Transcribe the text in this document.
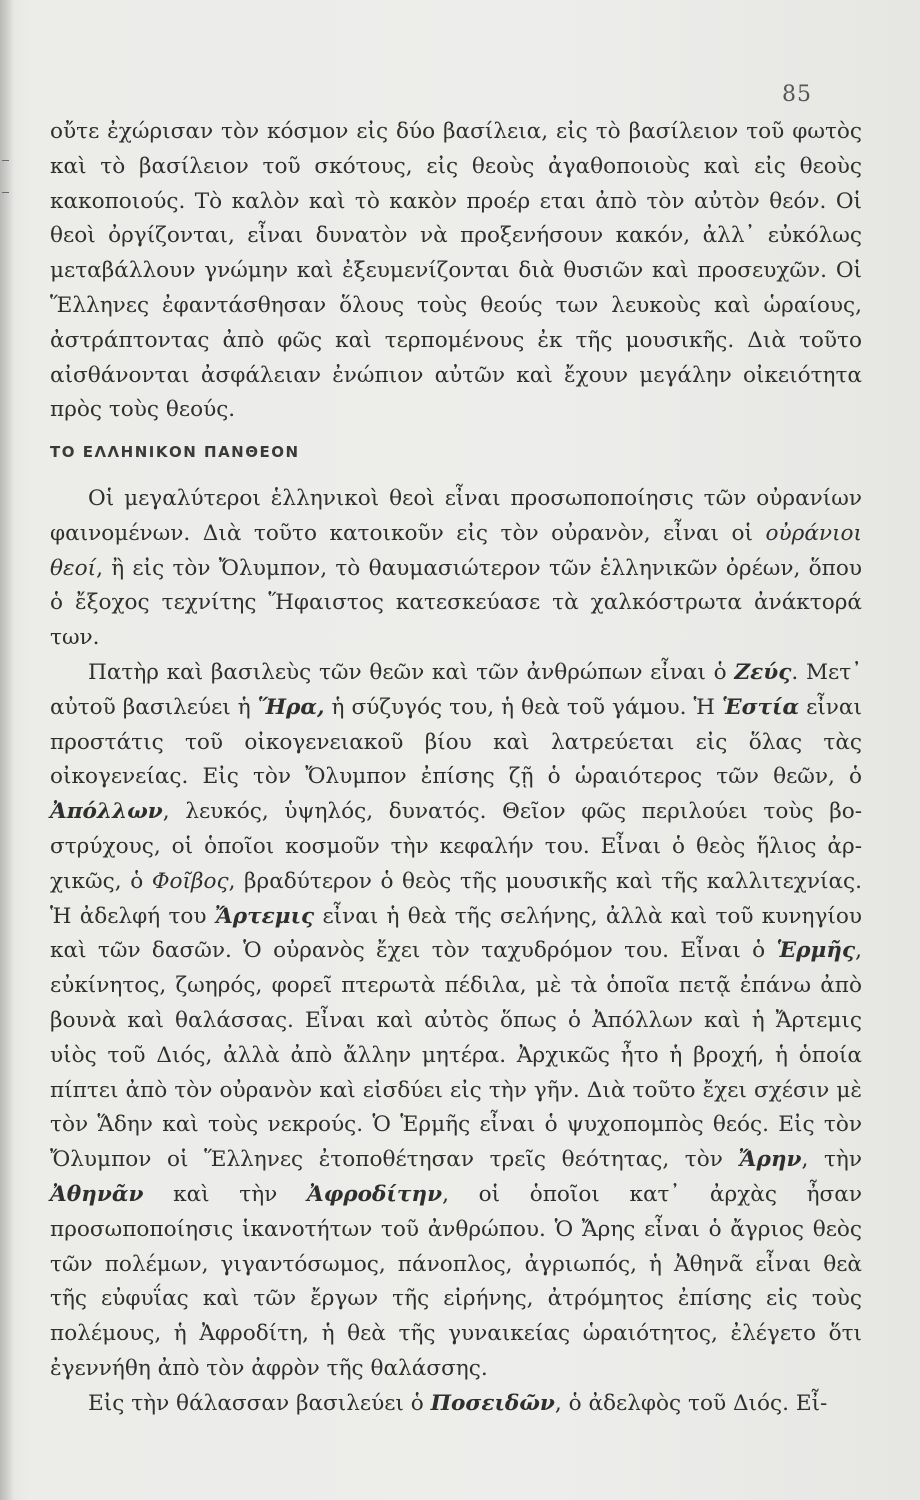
85

οὔτε ἐχώρισαν τὸν κόσμον εἰς δύο βασίλεια, εἰς τὸ βασίλειον τοῦ φωτὸς καὶ τὸ βασίλειον τοῦ σκότους, εἰς θεοὺς ἀγαθοποιοὺς καὶ εἰς θεοὺς κακοποιούς. Τὸ καλὸν καὶ τὸ κακὸν προέρ εται ἀπὸ τὸν αὐτὸν θεόν. Οἱ θεοὶ ὀργίζονται, εἶναι δυνατὸν νὰ προξενήσουν κακόν, ἀλλ᾿ εὐκόλως μεταβάλλουν γνώμην καὶ ἐξευμενίζονται διὰ θυσιῶν καὶ προσευχῶν. Οἱ Ἕλληνες ἐφαντάσθησαν ὅλους τοὺς θεούς των λευκοὺς καὶ ὡραίους, ἀστράπτοντας ἀπὸ φῶς καὶ τερπομένους ἐκ τῆς μουσικῆς. Διὰ τοῦτο αἰσθάνονται ἀσφάλειαν ἐνώπιον αὐτῶν καὶ ἔχουν μεγάλην οἰκειότητα πρὸς τοὺς θεούς.

ΤΟ ΕΛΛΗΝΙΚΟΝ ΠΑΝΘΕΟΝ

Οἱ μεγαλύτεροι ἑλληνικοὶ θεοὶ εἶναι προσωποποίησις τῶν οὐρανίων φαινομένων. Διὰ τοῦτο κατοικοῦν εἰς τὸν οὐρανὸν, εἶναι οἱ οὐράνιοι θεοί, ἢ εἰς τὸν Ὄλυμπον, τὸ θαυμασιώτερον τῶν ἑλληνικῶν ὀρέων, ὅπου ὁ ἔξοχος τεχνίτης Ἥφαιστος κατεσκεύασε τὰ χαλκόστρωτα ἀνάκτορά των.

Πατὴρ καὶ βασιλεὺς τῶν θεῶν καὶ τῶν ἀνθρώπων εἶναι ὁ Ζεύς. Μετ᾿ αὐτοῦ βασιλεύει ἡ Ἥρα, ἡ σύζυγός του, ἡ θεὰ τοῦ γάμου. Ἡ Ἑστία εἶναι προστάτις τοῦ οἰκογενειακοῦ βίου καὶ λατρεύεται εἰς ὅλας τὰς οἰκογενείας. Εἰς τὸν Ὄλυμπον ἐπίσης ζῇ ὁ ὡραιότερος τῶν θεῶν, ὁ Ἀπόλλων, λευκός, ὑψηλός, δυνατός. Θεῖον φῶς περιλούει τοὺς βοστρύχους, οἱ ὁποῖοι κοσμοῦν τὴν κεφαλήν του. Εἶναι ὁ θεὸς ἥλιος ἀρχικῶς, ὁ Φοῖβος, βραδύτερον ὁ θεὸς τῆς μουσικῆς καὶ τῆς καλλιτεχνίας. Ἡ ἀδελφή του Ἄρτεμις εἶναι ἡ θεὰ τῆς σελήνης, ἀλλὰ καὶ τοῦ κυνηγίου καὶ τῶν δασῶν. Ὁ οὐρανὸς ἔχει τὸν ταχυδρόμον του. Εἶναι ὁ Ἑρμῆς, εὐκίνητος, ζωηρός, φορεῖ πτερωτὰ πέδιλα, μὲ τὰ ὁποῖα πετᾷ ἐπάνω ἀπὸ βουνὰ καὶ θαλάσσας. Εἶναι καὶ αὐτὸς ὅπως ὁ Ἀπόλλων καὶ ἡ Ἄρτεμις υἱὸς τοῦ Διός, ἀλλὰ ἀπὸ ἄλλην μητέρα. Ἀρχικῶς ἦτο ἡ βροχή, ἡ ὁποία πίπτει ἀπὸ τὸν οὐρανὸν καὶ εἰσδύει εἰς τὴν γῆν. Διὰ τοῦτο ἔχει σχέσιν μὲ τὸν Ἅδην καὶ τοὺς νεκρούς. Ὁ Ἑρμῆς εἶναι ὁ ψυχοπομπὸς θεός. Εἰς τὸν Ὄλυμπον οἱ Ἕλληνες ἐτοποθέτησαν τρεῖς θεότητας, τὸν Ἄρην, τὴν Ἀθηνᾶν καὶ τὴν Ἀφροδίτην, οἱ ὁποῖοι κατ᾿ ἀρχὰς ἦσαν προσωποποίησις ἱκανοτήτων τοῦ ἀνθρώπου. Ὁ Ἄρης εἶναι ὁ ἄγριος θεὸς τῶν πολέμων, γιγαντόσωμος, πάνοπλος, ἀγριωπός, ἡ Ἀθηνᾶ εἶναι θεὰ τῆς εὐφυΐας καὶ τῶν ἔργων τῆς εἰρήνης, ἀτρόμητος ἐπίσης εἰς τοὺς πολέμους, ἡ Ἀφροδίτη, ἡ θεὰ τῆς γυναικείας ὡραιότητος, ἐλέγετο ὅτι ἐγεννήθη ἀπὸ τὸν ἀφρὸν τῆς θαλάσσης.

Εἰς τὴν θάλασσαν βασιλεύει ὁ Ποσειδῶν, ὁ ἀδελφὸς τοῦ Διός. Εἶ-
